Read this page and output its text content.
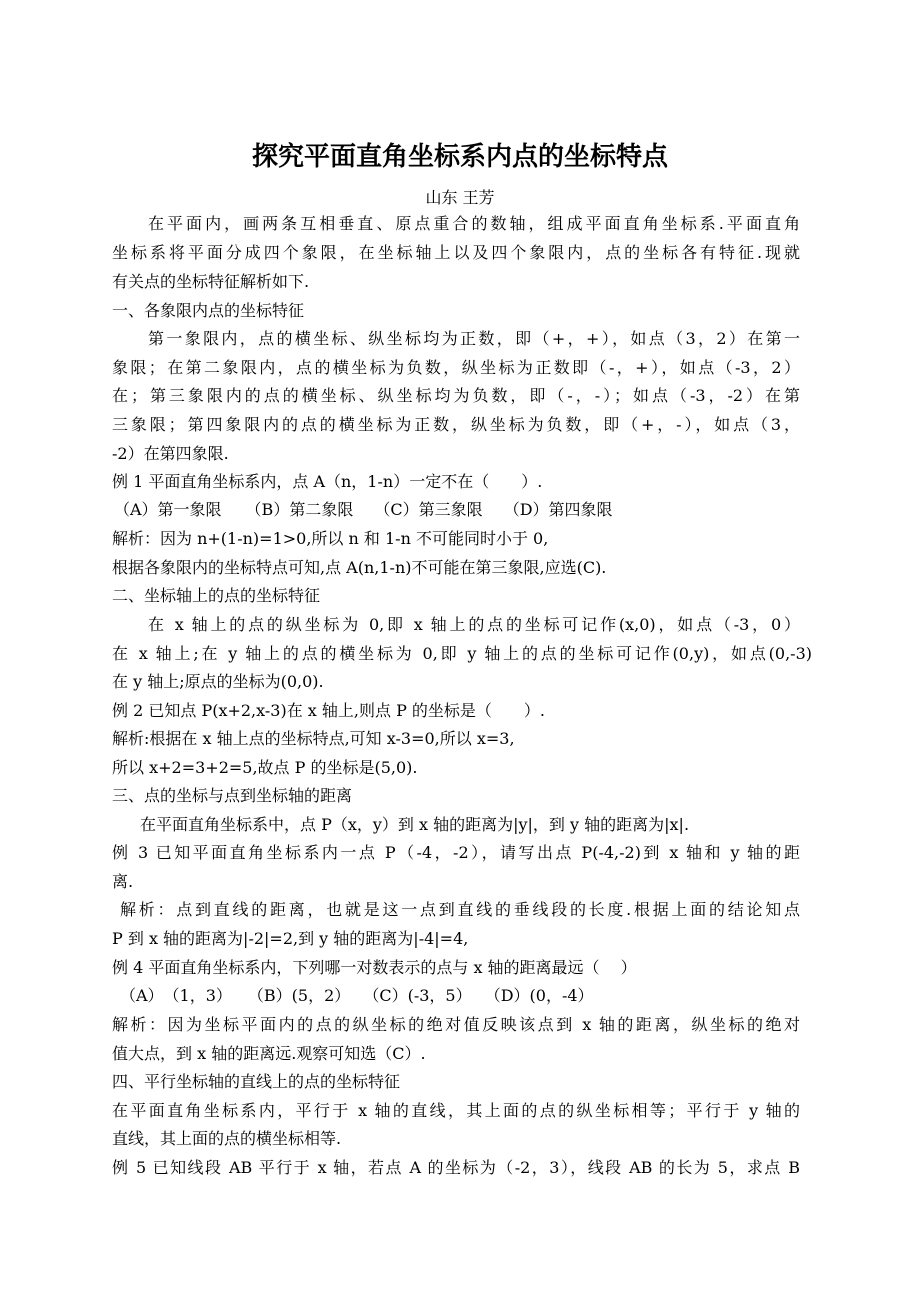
探究平面直角坐标系内点的坐标特点
山东 王芳
在平面内，画两条互相垂直、原点重合的数轴，组成平面直角坐标系.平面直角
坐标系将平面分成四个象限，在坐标轴上以及四个象限内，点的坐标各有特征.现就
有关点的坐标特征解析如下.
一、各象限内点的坐标特征
第一象限内，点的横坐标、纵坐标均为正数，即（+，+），如点（3，2）在第一
象限；在第二象限内，点的横坐标为负数，纵坐标为正数即（-，+），如点（-3，2）
在；第三象限内的点的横坐标、纵坐标均为负数，即（-，-）；如点（-3，-2）在第
三象限；第四象限内的点的横坐标为正数，纵坐标为负数，即（+，-），如点（3，
-2）在第四象限.
例 1 平面直角坐标系内，点 A（n，1-n）一定不在（　　）.
（A）第一象限　　（B）第二象限　 （C）第三象限　 （D）第四象限
解析：因为 n+(1-n)=1>0,所以 n 和 1-n 不可能同时小于 0,
根据各象限内的坐标特点可知,点 A(n,1-n)不可能在第三象限,应选(C).
二、坐标轴上的点的坐标特征
在 x 轴上的点的纵坐标为 0,即 x 轴上的点的坐标可记作(x,0)，如点（-3，0）
在 x 轴上;在 y 轴上的点的横坐标为 0,即 y 轴上的点的坐标可记作(0,y)，如点(0,-3)
在 y 轴上;原点的坐标为(0,0).
例 2 已知点 P(x+2,x-3)在 x 轴上,则点 P 的坐标是（　　）.
解析:根据在 x 轴上点的坐标特点,可知 x-3=0,所以 x=3,
所以 x+2=3+2=5,故点 P 的坐标是(5,0).
三、点的坐标与点到坐标轴的距离
在平面直角坐标系中，点 P（x，y）到 x 轴的距离为|y|，到 y 轴的距离为|x|.
例 3 已知平面直角坐标系内一点 P（-4，-2），请写出点 P(-4,-2)到 x 轴和 y 轴的距
离.
解析：点到直线的距离，也就是这一点到直线的垂线段的长度.根据上面的结论知点
P 到 x 轴的距离为|-2|=2,到 y 轴的距离为|-4|=4,
例 4 平面直角坐标系内，下列哪一对数表示的点与 x 轴的距离最远（　 ）
（A）　（1，3）　　（B）(5，2）　 （C）(-3，5）　 （D）(0，-4）
解析：因为坐标平面内的点的纵坐标的绝对值反映该点到 x 轴的距离，纵坐标的绝对
值大点，到 x 轴的距离远.观察可知选（C）.
四、平行坐标轴的直线上的点的坐标特征
在平面直角坐标系内，平行于 x 轴的直线，其上面的点的纵坐标相等；平行于 y 轴的
直线，其上面的点的横坐标相等.
例 5 已知线段 AB 平行于 x 轴，若点 A 的坐标为（-2，3），线段 AB 的长为 5，求点 B
